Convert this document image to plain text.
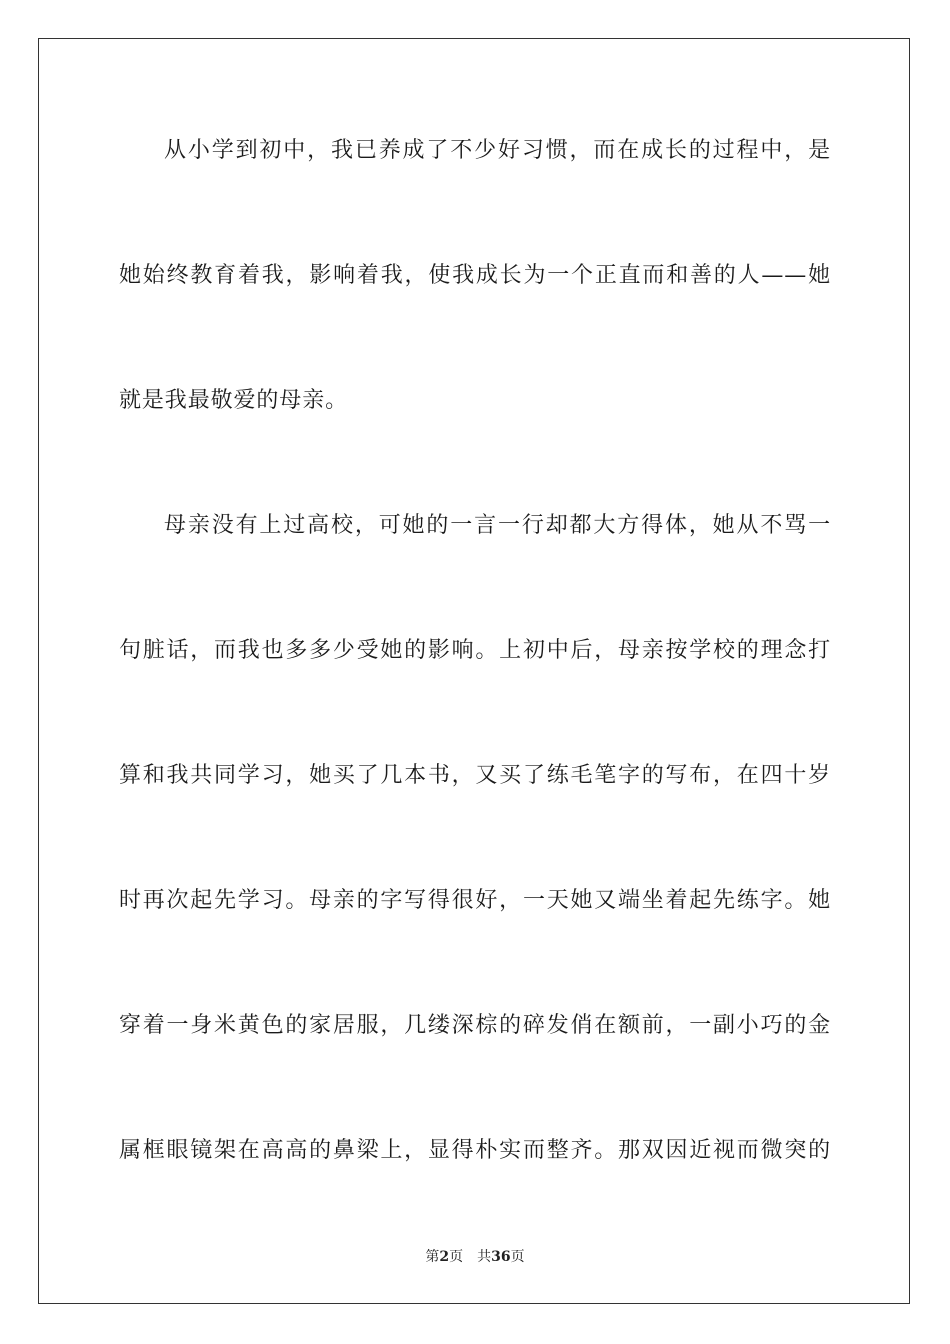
从小学到初中，我已养成了不少好习惯，而在成长的过程中，是
她始终教育着我，影响着我，使我成长为一个正直而和善的人——她
就是我最敬爱的母亲。
母亲没有上过高校，可她的一言一行却都大方得体，她从不骂一
句脏话，而我也多多少受她的影响。上初中后，母亲按学校的理念打
算和我共同学习，她买了几本书，又买了练毛笔字的写布，在四十岁
时再次起先学习。母亲的字写得很好，一天她又端坐着起先练字。她
穿着一身米黄色的家居服，几缕深棕的碎发俏在额前，一副小巧的金
属框眼镜架在高高的鼻梁上，显得朴实而整齐。那双因近视而微突的
第2页 共36页
